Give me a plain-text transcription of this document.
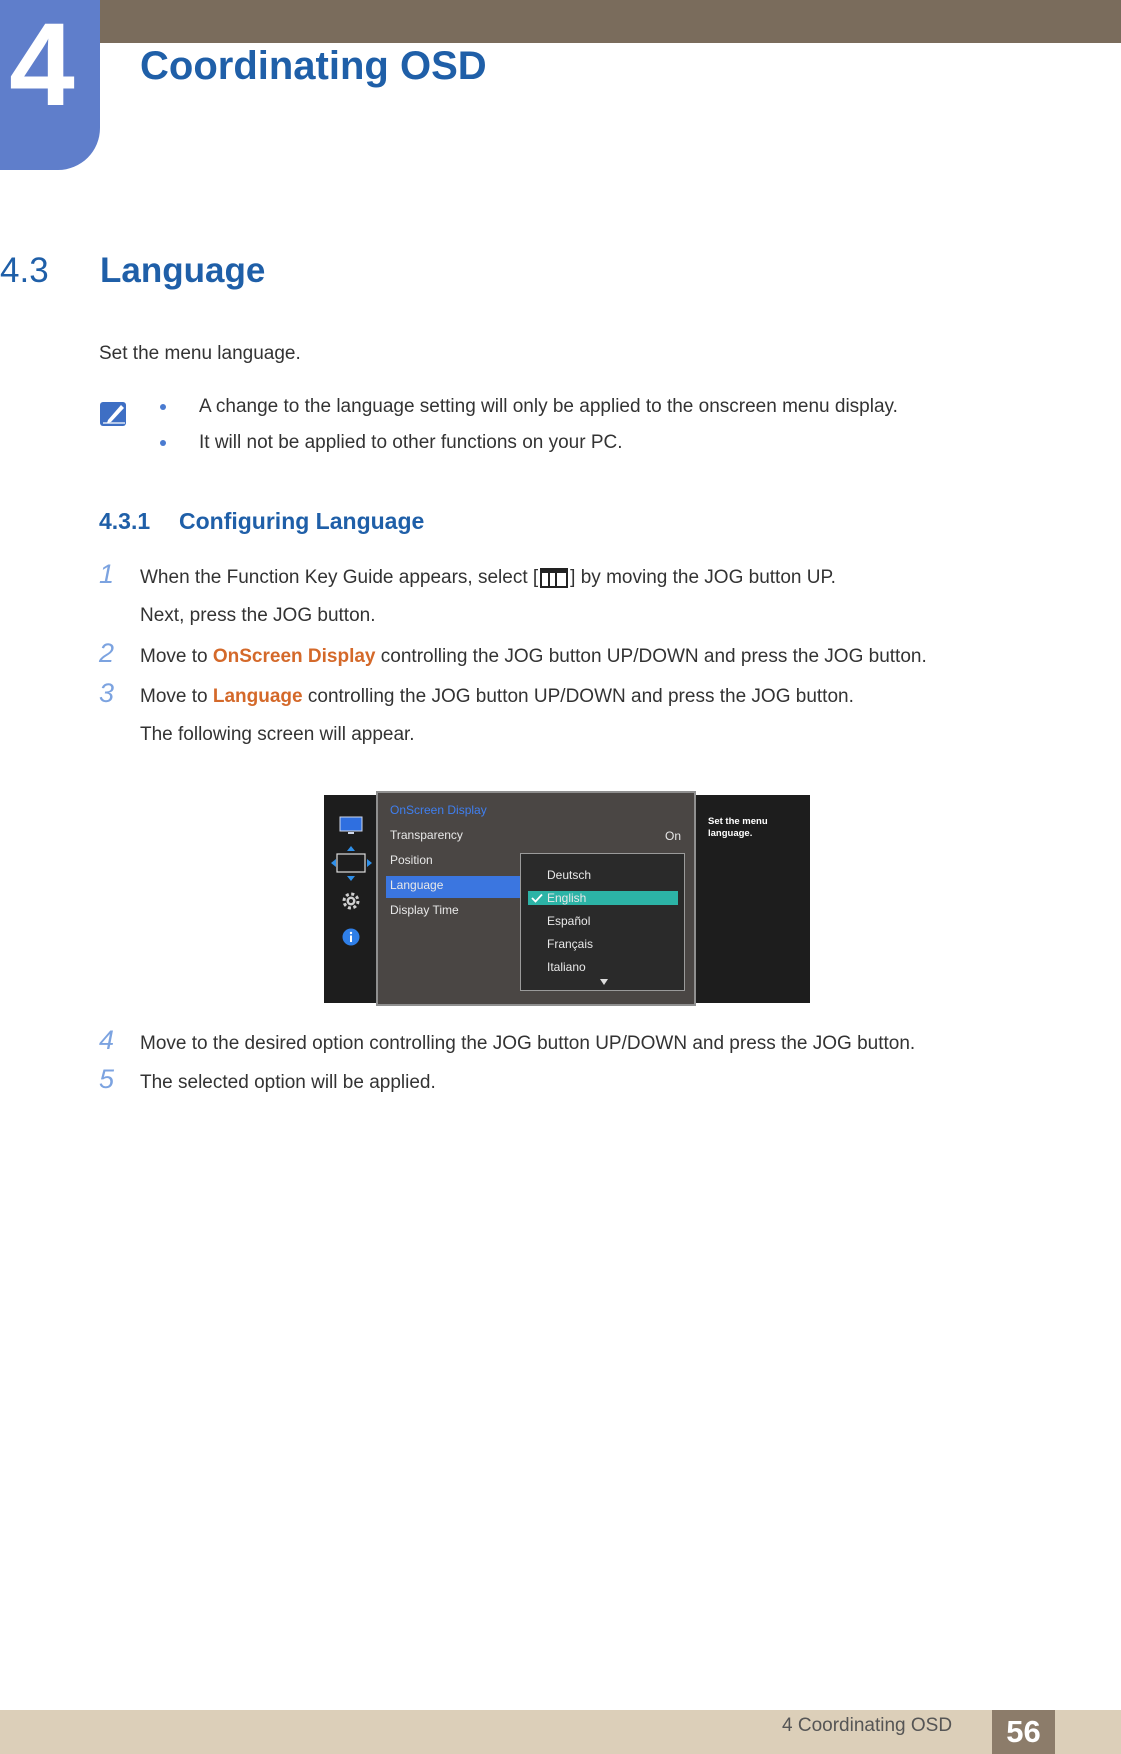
4 Coordinating OSD
4.3 Language
Set the menu language.
A change to the language setting will only be applied to the onscreen menu display.
It will not be applied to other functions on your PC.
4.3.1 Configuring Language
1 When the Function Key Guide appears, select [ ] by moving the JOG button UP.
Next, press the JOG button.
2 Move to OnScreen Display controlling the JOG button UP/DOWN and press the JOG button.
3 Move to Language controlling the JOG button UP/DOWN and press the JOG button.
The following screen will appear.
OnScreen Display
Transparency	On
Position
Language
Display Time
Deutsch
English
Español
Français
Italiano
Set the menu language.
4 Move to the desired option controlling the JOG button UP/DOWN and press the JOG button.
5 The selected option will be applied.
4 Coordinating OSD	56
